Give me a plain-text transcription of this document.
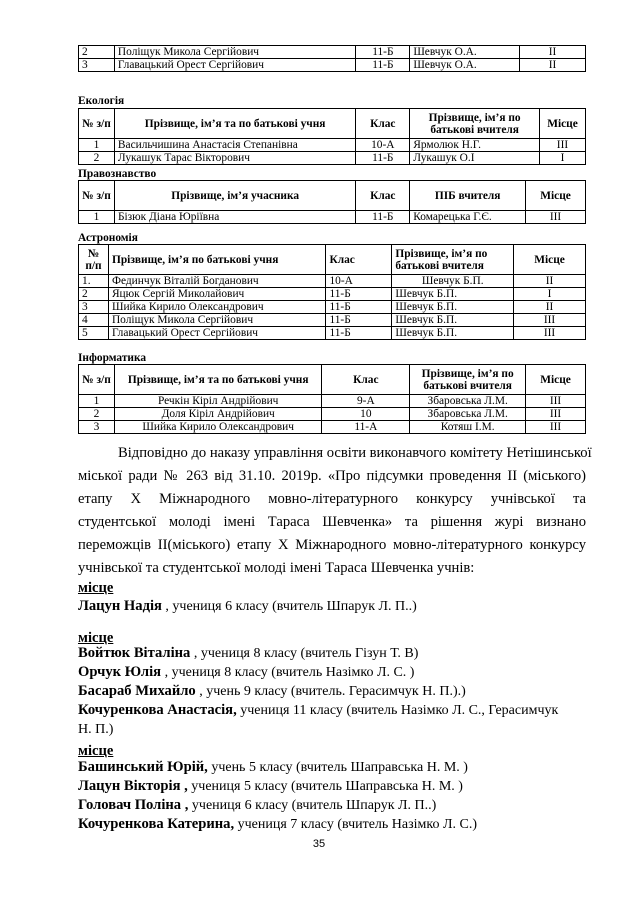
2	Поліщук Микола Сергійович	11-Б	Шевчук О.А.	ІІ
3	Главацький Орест Сергійович	11-Б	Шевчук О.А.	ІІ
Екологія
№ з/п	Прізвище, ім’я та по батькові учня	Клас	Прізвище, ім’я по батькові вчителя	Місце
1	Васильчишина Анастасія Степанівна	10-А	Ярмолюк Н.Г.	ІІІ
2	Лукашук Тарас Вікторович	11-Б	Лукашук О.І	І
Правознавство
№ з/п	Прізвище, ім’я учасника	Клас	ПІБ вчителя	Місце
1	Бізюк Діана Юріївна	11-Б	Комарецька Г.Є.	ІІІ
Астрономія
№ п/п	Прізвище, ім’я по батькові учня	Клас	Прізвище, ім’я по батькові вчителя	Місце
1.	Фединчук Віталій Богданович	10-А	Шевчук Б.П.	ІІ
2	Яцюк Сергій Миколайович	11-Б	Шевчук Б.П.	І
3	Шийка Кирило Олександрович	11-Б	Шевчук Б.П.	ІІ
4	Поліщук Микола Сергійович	11-Б	Шевчук Б.П.	ІІІ
5	Главацький Орест Сергійович	11-Б	Шевчук Б.П.	ІІІ
Інформатика
№ з/п	Прізвище, ім’я та по батькові учня	Клас	Прізвище, ім’я по батькові вчителя	Місце
1	Речкін Кіріл Андрійович	9-А	Збаровська Л.М.	ІІІ
2	Доля Кіріл Андрійович	10	Збаровська Л.М.	ІІІ
3	Шийка Кирило Олександрович	11-А	Котяш І.М.	ІІІ
Відповідно до наказу управління освіти виконавчого комітету Нетішинської
міської ради № 263 від 31.10. 2019р. «Про підсумки проведення ІІ (міського)
етапу Х Міжнародного мовно-літературного конкурсу учнівської та
студентської молоді імені Тараса Шевченка» та рішення журі визнано
переможців ІІ(міського) етапу Х Міжнародного мовно-літературного конкурсу
учнівської та студентської молоді імені Тараса Шевченка учнів:
місце
Лацун Надія , учениця 6 класу (вчитель Шпарук Л. П..)
місце
Войтюк Віталіна , учениця 8 класу (вчитель Гізун Т. В)
Орчук Юлія , учениця 8 класу (вчитель Назімко Л. С. )
Басараб Михайло , учень 9 класу (вчитель. Герасимчук Н. П.).)
Кочуренкова Анастасія, учениця 11 класу (вчитель Назімко Л. С., Герасимчук
Н. П.)
місце
Башинський Юрій, учень 5 класу (вчитель Шаправська Н. М. )
Лацун Вікторія , учениця 5 класу (вчитель Шаправська Н. М. )
Головач Поліна , учениця 6 класу (вчитель Шпарук Л. П..)
Кочуренкова Катерина, учениця 7 класу (вчитель Назімко Л. С.)
35
